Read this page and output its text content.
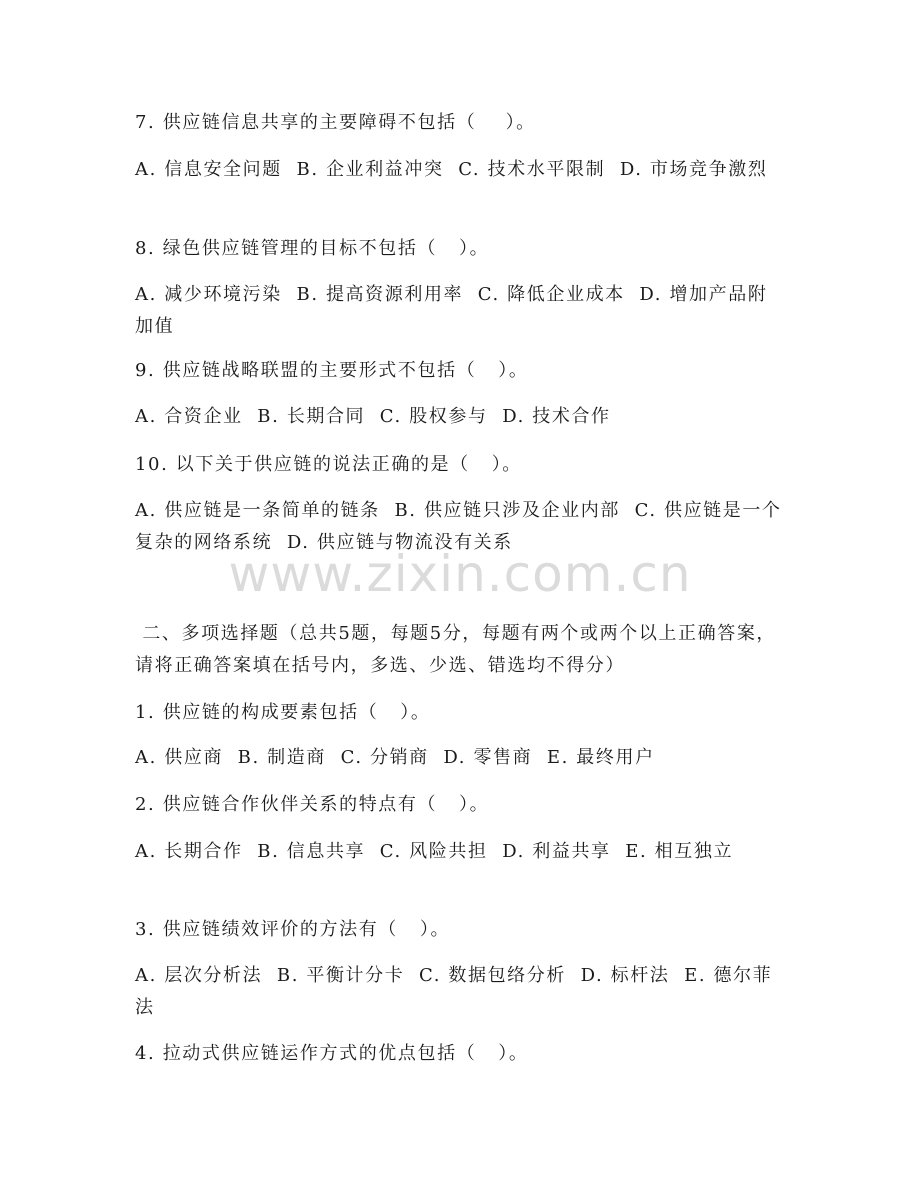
7. 供应链信息共享的主要障碍不包括（    ）。

A. 信息安全问题  B. 企业利益冲突  C. 技术水平限制  D. 市场竞争激烈

8. 绿色供应链管理的目标不包括（   ）。

A. 减少环境污染  B. 提高资源利用率  C. 降低企业成本  D. 增加产品附加值

9. 供应链战略联盟的主要形式不包括（   ）。

A. 合资企业  B. 长期合同  C. 股权参与  D. 技术合作

10. 以下关于供应链的说法正确的是（   ）。

A. 供应链是一条简单的链条  B. 供应链只涉及企业内部  C. 供应链是一个复杂的网络系统  D. 供应链与物流没有关系

www.zixin.com.cn

二、多项选择题（总共5题，每题5分，每题有两个或两个以上正确答案，请将正确答案填在括号内，多选、少选、错选均不得分）

1. 供应链的构成要素包括（   ）。

A. 供应商  B. 制造商  C. 分销商  D. 零售商  E. 最终用户

2. 供应链合作伙伴关系的特点有（   ）。

A. 长期合作  B. 信息共享  C. 风险共担  D. 利益共享  E. 相互独立

3. 供应链绩效评价的方法有（   ）。

A. 层次分析法  B. 平衡计分卡  C. 数据包络分析  D. 标杆法  E. 德尔菲法

4. 拉动式供应链运作方式的优点包括（   ）。
